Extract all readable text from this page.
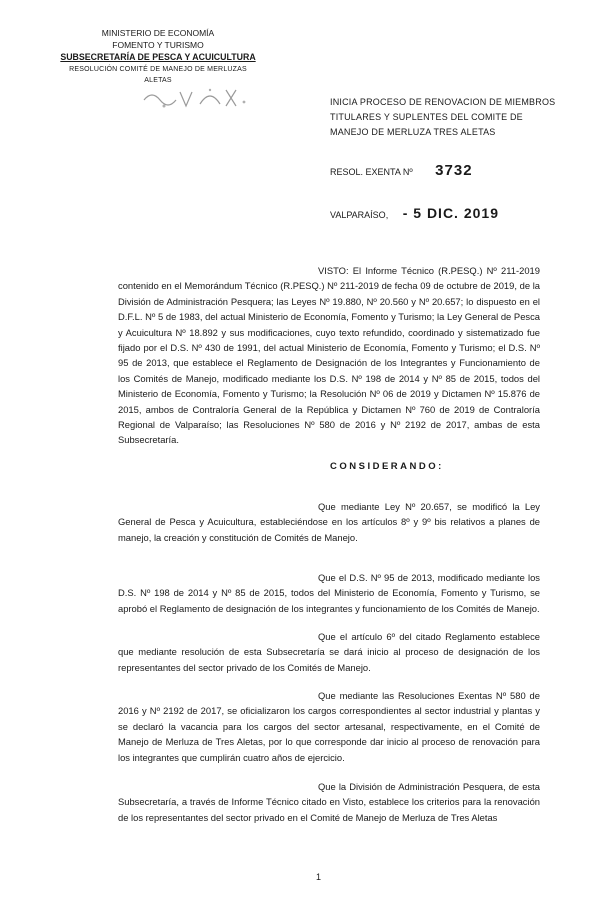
MINISTERIO DE ECONOMÍA
FOMENTO Y TURISMO
SUBSECRETARÍA DE PESCA Y ACUICULTURA
RESOLUCIÓN COMITÉ DE MANEJO DE MERLUZAS
ALETAS
INICIA PROCESO DE RENOVACION DE MIEMBROS TITULARES Y SUPLENTES DEL COMITE DE MANEJO DE MERLUZA TRES ALETAS
RESOL. EXENTA Nº 3732
VALPARAÍSO, - 5 DIC. 2019
VISTO: El Informe Técnico (R.PESQ.) Nº 211-2019 contenido en el Memorándum Técnico (R.PESQ.) Nº 211-2019 de fecha 09 de octubre de 2019, de la División de Administración Pesquera; las Leyes Nº 19.880, Nº 20.560 y Nº 20.657; lo dispuesto en el D.F.L. Nº 5 de 1983, del actual Ministerio de Economía, Fomento y Turismo; la Ley General de Pesca y Acuicultura Nº 18.892 y sus modificaciones, cuyo texto refundido, coordinado y sistematizado fue fijado por el D.S. Nº 430 de 1991, del actual Ministerio de Economía, Fomento y Turismo; el D.S. Nº 95 de 2013, que establece el Reglamento de Designación de los Integrantes y Funcionamiento de los Comités de Manejo, modificado mediante los D.S. Nº 198 de 2014 y Nº 85 de 2015, todos del Ministerio de Economía, Fomento y Turismo; la Resolución Nº 06 de 2019 y Dictamen Nº 15.876 de 2015, ambos de Contraloría General de la República y Dictamen Nº 760 de 2019 de Contraloría Regional de Valparaíso; las Resoluciones Nº 580 de 2016 y Nº 2192 de 2017, ambas de esta Subsecretaría.
CONSIDERANDO:
Que mediante Ley Nº 20.657, se modificó la Ley General de Pesca y Acuicultura, estableciéndose en los artículos 8º y 9º bis relativos a planes de manejo, la creación y constitución de Comités de Manejo.
Que el D.S. Nº 95 de 2013, modificado mediante los D.S. Nº 198 de 2014 y Nº 85 de 2015, todos del Ministerio de Economía, Fomento y Turismo, se aprobó el Reglamento de designación de los integrantes y funcionamiento de los Comités de Manejo.
Que el artículo 6º del citado Reglamento establece que mediante resolución de esta Subsecretaría se dará inicio al proceso de designación de los representantes del sector privado de los Comités de Manejo.
Que mediante las Resoluciones Exentas Nº 580 de 2016 y Nº 2192 de 2017, se oficializaron los cargos correspondientes al sector industrial y plantas y se declaró la vacancia para los cargos del sector artesanal, respectivamente, en el Comité de Manejo de Merluza de Tres Aletas, por lo que corresponde dar inicio al proceso de renovación para los integrantes que cumplirán cuatro años de ejercicio.
Que la División de Administración Pesquera, de esta Subsecretaría, a través de Informe Técnico citado en Visto, establece los criterios para la renovación de los representantes del sector privado en el Comité de Manejo de Merluza de Tres Aletas
1
